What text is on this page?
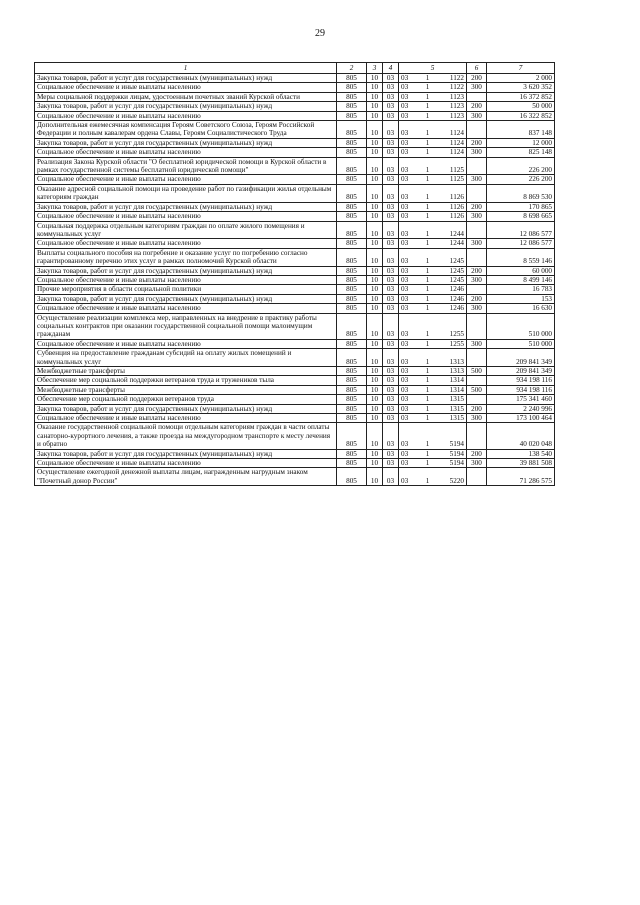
29
1	2	3	4	5	6	7
Закупка товаров, работ и услуг для государственных (муниципальных) нужд	805	10	03	03 1 1122	200	2 000
Социальное обеспечение и иные выплаты населению	805	10	03	03 1 1122	300	3 620 352
Меры социальной поддержки лицам, удостоенным почетных званий Курской области	805	10	03	03 1 1123		16 372 852
Закупка товаров, работ и услуг для государственных (муниципальных) нужд	805	10	03	03 1 1123	200	50 000
Социальное обеспечение и иные выплаты населению	805	10	03	03 1 1123	300	16 322 852
Дополнительная ежемесячная компенсация Героям Советского Союза, Героям Российской Федерации и полным кавалерам ордена Славы, Героям Социалистического Труда	805	10	03	03 1 1124		837 148
Закупка товаров, работ и услуг для государственных (муниципальных) нужд	805	10	03	03 1 1124	200	12 000
Социальное обеспечение и иные выплаты населению	805	10	03	03 1 1124	300	825 148
Реализация Закона Курской области "О бесплатной юридической помощи в Курской области в рамках государственной системы бесплатной юридической помощи"	805	10	03	03 1 1125		226 200
Социальное обеспечение и иные выплаты населению	805	10	03	03 1 1125	300	226 200
Оказание адресной социальной помощи на проведение работ по газификации жилья отдельным категориям граждан	805	10	03	03 1 1126		8 869 530
Закупка товаров, работ и услуг для государственных (муниципальных) нужд	805	10	03	03 1 1126	200	170 865
Социальное обеспечение и иные выплаты населению	805	10	03	03 1 1126	300	8 698 665
Социальная поддержка отдельным категориям граждан по оплате жилого помещения и коммунальных услуг	805	10	03	03 1 1244		12 086 577
Социальное обеспечение и иные выплаты населению	805	10	03	03 1 1244	300	12 086 577
Выплаты социального пособия на погребение и оказание услуг по погребению согласно гарантированному перечню этих услуг в рамках полномочий Курской области	805	10	03	03 1 1245		8 559 146
Закупка товаров, работ и услуг для государственных (муниципальных) нужд	805	10	03	03 1 1245	200	60 000
Социальное обеспечение и иные выплаты населению	805	10	03	03 1 1245	300	8 499 146
Прочие мероприятия в области социальной политики	805	10	03	03 1 1246		16 783
Закупка товаров, работ и услуг для государственных (муниципальных) нужд	805	10	03	03 1 1246	200	153
Социальное обеспечение и иные выплаты населению	805	10	03	03 1 1246	300	16 630
Осуществление реализации комплекса мер, направленных на внедрение в практику работы социальных контрактов при оказании государственной социальной помощи малоимущим гражданам	805	10	03	03 1 1255		510 000
Социальное обеспечение и иные выплаты населению	805	10	03	03 1 1255	300	510 000
Субвенция на предоставление гражданам субсидий на оплату жилых помещений и коммунальных услуг	805	10	03	03 1 1313		209 841 349
Межбюджетные трансферты	805	10	03	03 1 1313	500	209 841 349
Обеспечение мер социальной поддержки ветеранов труда и тружеников тыла	805	10	03	03 1 1314		934 198 116
Межбюджетные трансферты	805	10	03	03 1 1314	500	934 198 116
Обеспечение мер социальной поддержки ветеранов труда	805	10	03	03 1 1315		175 341 460
Закупка товаров, работ и услуг для государственных (муниципальных) нужд	805	10	03	03 1 1315	200	2 240 996
Социальное обеспечение и иные выплаты населению	805	10	03	03 1 1315	300	173 100 464
Оказание государственной социальной помощи отдельным категориям граждан в части оплаты санаторно-курортного лечения, а также проезда на междугородном транспорте к месту лечения и обратно	805	10	03	03 1 5194		40 020 048
Закупка товаров, работ и услуг для государственных (муниципальных) нужд	805	10	03	03 1 5194	200	138 540
Социальное обеспечение и иные выплаты населению	805	10	03	03 1 5194	300	39 881 508
Осуществление ежегодной денежной выплаты лицам, награжденным нагрудным знаком "Почетный донор России"	805	10	03	03 1 5220		71 286 575
